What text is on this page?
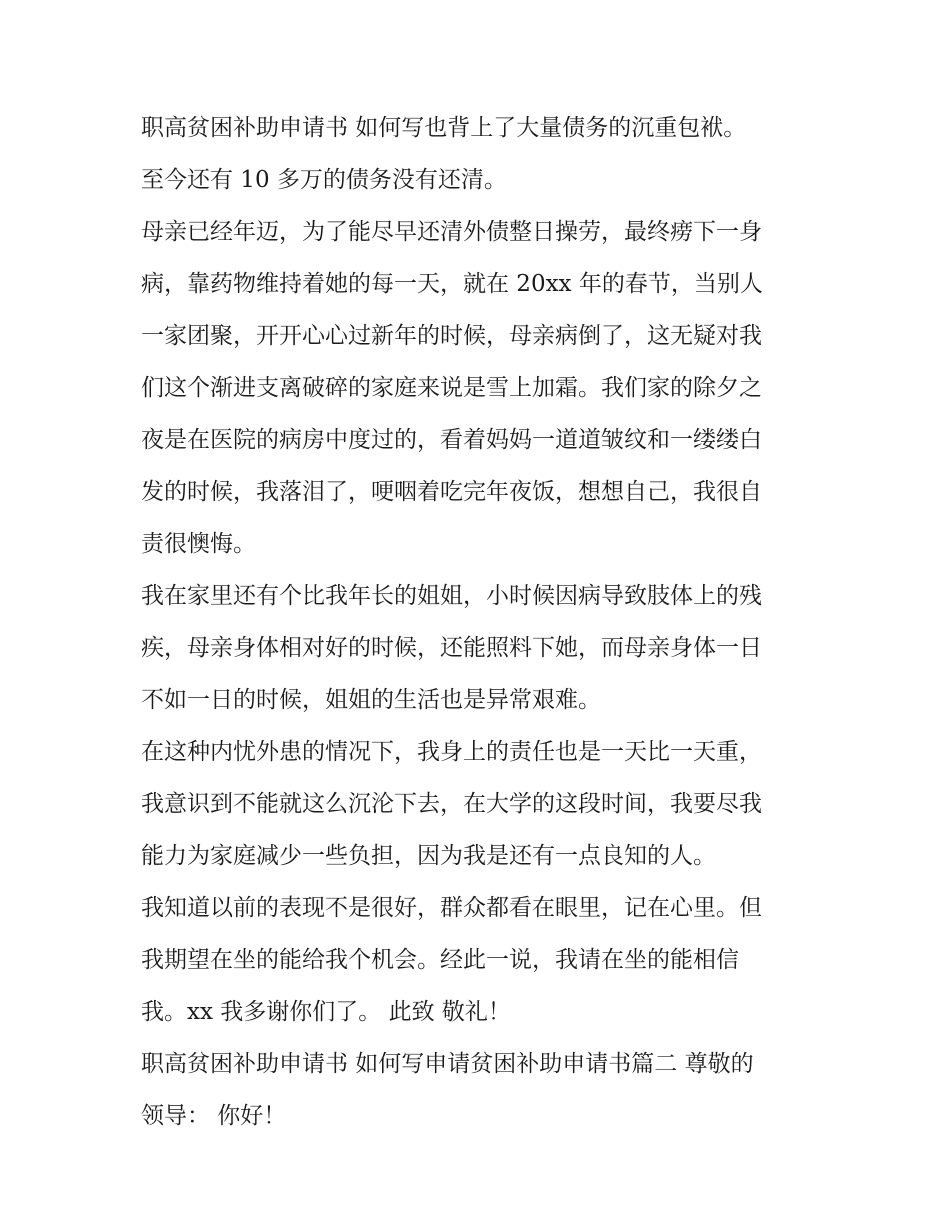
职高贫困补助申请书 如何写也背上了大量债务的沉重包袱。
至今还有 10 多万的债务没有还清。
母亲已经年迈，为了能尽早还清外债整日操劳，最终痨下一身
病，靠药物维持着她的每一天，就在 20xx 年的春节，当别人
一家团聚，开开心心过新年的时候，母亲病倒了，这无疑对我
们这个渐进支离破碎的家庭来说是雪上加霜。我们家的除夕之
夜是在医院的病房中度过的，看着妈妈一道道皱纹和一缕缕白
发的时候，我落泪了，哽咽着吃完年夜饭，想想自己，我很自
责很懊悔。
我在家里还有个比我年长的姐姐，小时候因病导致肢体上的残
疾，母亲身体相对好的时候，还能照料下她，而母亲身体一日
不如一日的时候，姐姐的生活也是异常艰难。
在这种内忧外患的情况下，我身上的责任也是一天比一天重，
我意识到不能就这么沉沦下去，在大学的这段时间，我要尽我
能力为家庭减少一些负担，因为我是还有一点良知的人。
我知道以前的表现不是很好，群众都看在眼里，记在心里。但
我期望在坐的能给我个机会。经此一说，我请在坐的能相信
我。xx 我多谢你们了。 此致 敬礼！
职高贫困补助申请书 如何写申请贫困补助申请书篇二 尊敬的
领导： 你好！
